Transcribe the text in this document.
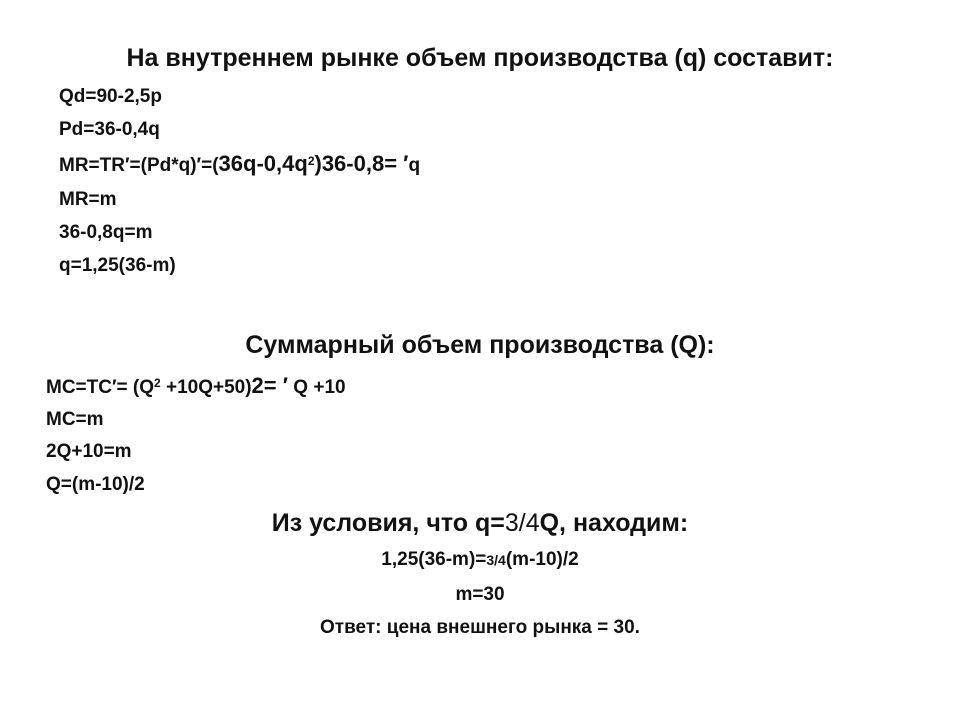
На внутреннем рынке объем производства (q) составит:
Qd=90-2,5p
Pd=36-0,4q
$MR=TR'=(Pd*q)'=(36q-0,4q^2)36-0,8= 'q$
MR=m
36-0,8q=m
q=1,25(36-m)
Суммарный объем производства (Q):
$MC=TC'= (Q^2 +10Q+50)2=$ ′ Q +10
MC=m
2Q+10=m
Q=(m-10)/2
Из условия, что q=3/4Q, находим:
1,25(36-m)=3/4(m-10)/2
m=30
Ответ: цена внешнего рынка = 30.
